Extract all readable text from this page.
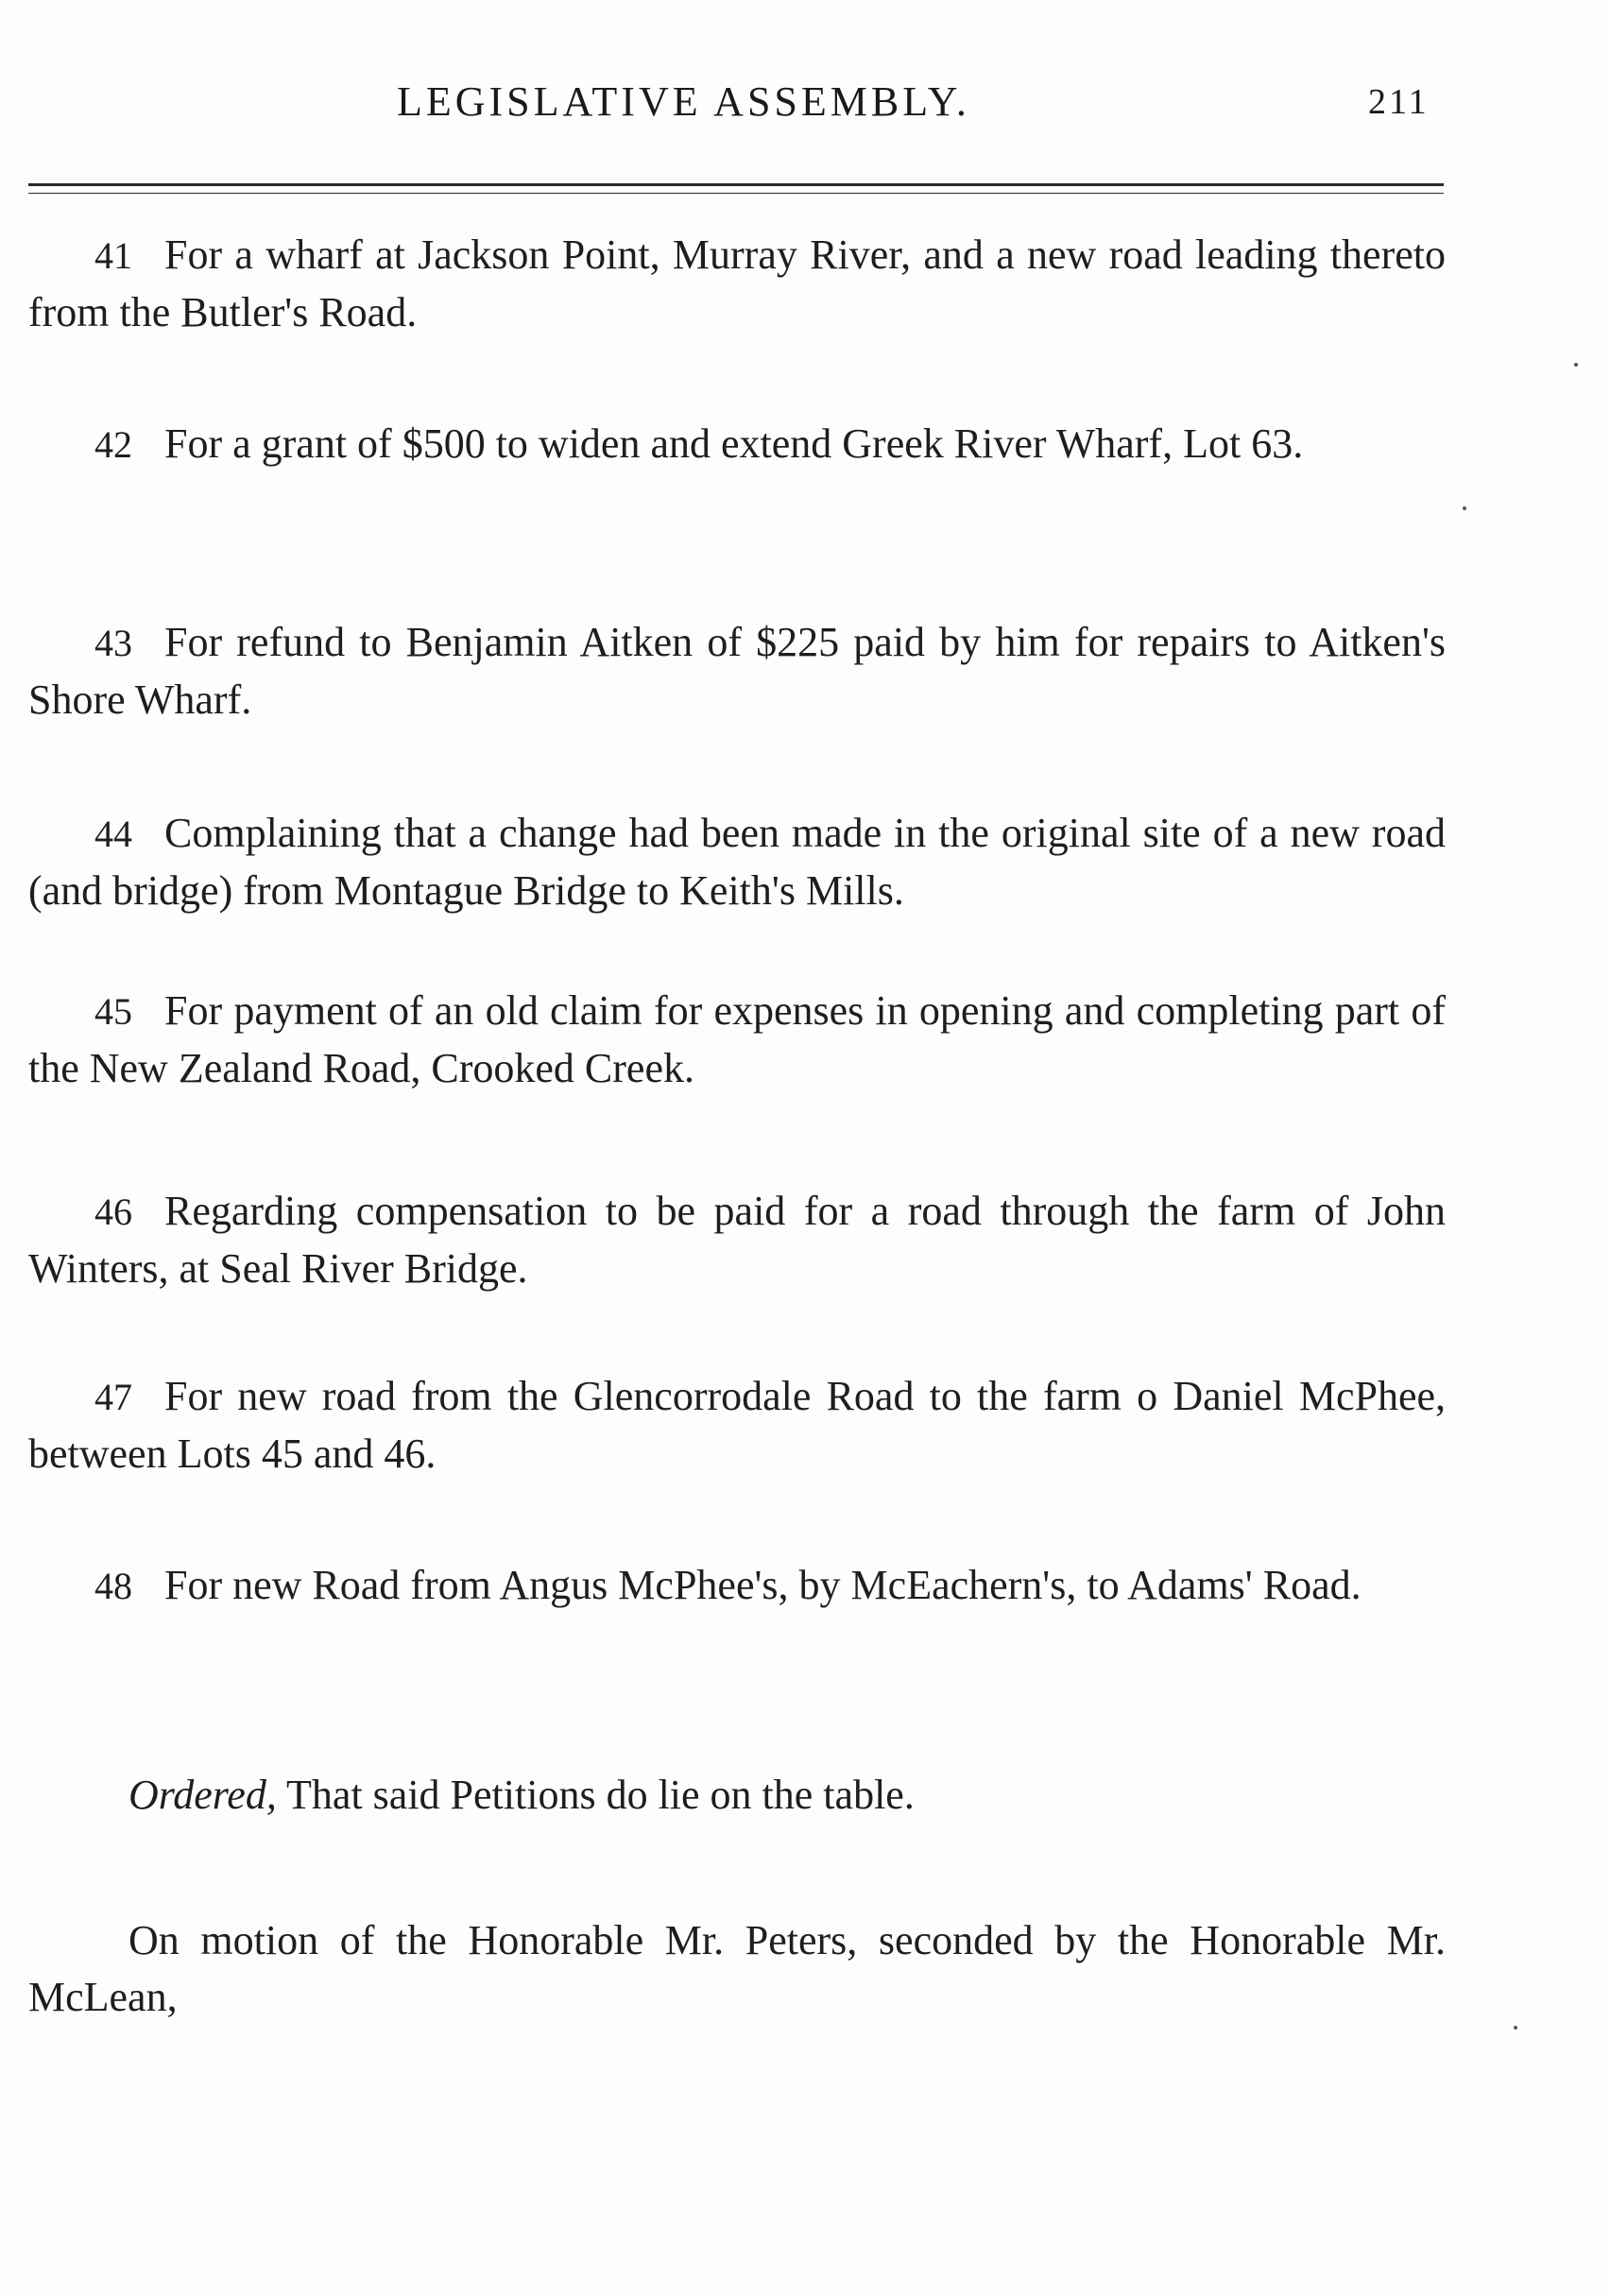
LEGISLATIVE ASSEMBLY.	211

41 For a wharf at Jackson Point, Murray River, and a new road leading thereto from the Butler's Road.

42 For a grant of $500 to widen and extend Greek River Wharf, Lot 63.

43 For refund to Benjamin Aitken of $225 paid by him for repairs to Aitken's Shore Wharf.

44 Complaining that a change had been made in the original site of a new road (and bridge) from Montague Bridge to Keith's Mills.

45 For payment of an old claim for expenses in opening and completing part of the New Zealand Road, Crooked Creek.

46 Regarding compensation to be paid for a road through the farm of John Winters, at Seal River Bridge.

47 For new road from the Glencorrodale Road to the farm o Daniel McPhee, between Lots 45 and 46.

48 For new Road from Angus McPhee's, by McEachern's, to Adams' Road.

Ordered, That said Petitions do lie on the table.

On motion of the Honorable Mr. Peters, seconded by the Honorable Mr. McLean,
